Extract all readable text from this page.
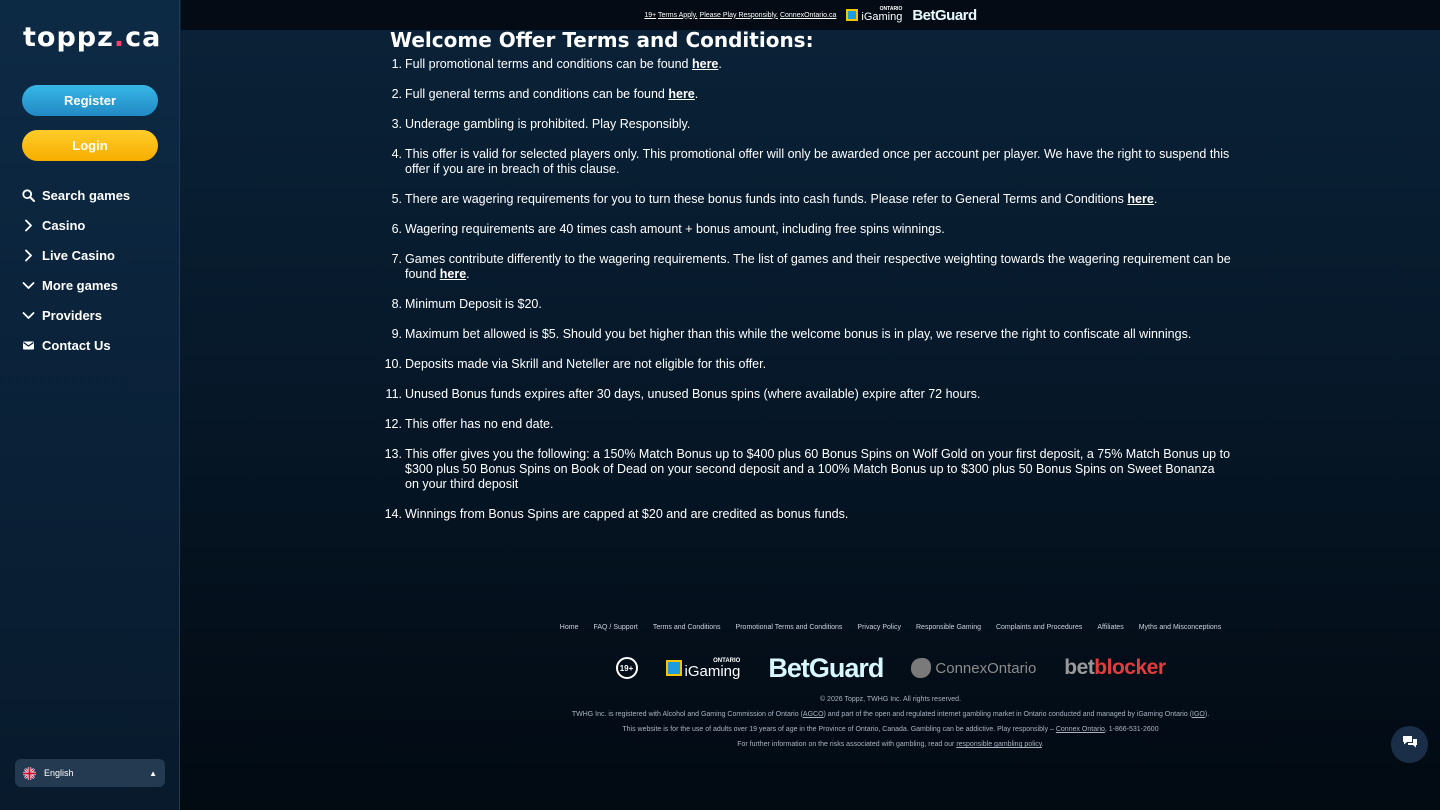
toppz.ca
Register
Login
Search games
Casino
Live Casino
More games
Providers
Contact Us
English	▲
19+ Terms Apply. Please Play Responsibly. ConnexOntario.ca
ONTARIO
iGaming BetGuard
Welcome Offer Terms and Conditions:
1. Full promotional terms and conditions can be found here.
2. Full general terms and conditions can be found here.
3. Underage gambling is prohibited. Play Responsibly.
4. This offer is valid for selected players only. This promotional offer will only be awarded once per account per player. We have the right to suspend this offer if you are in breach of this clause.
5. There are wagering requirements for you to turn these bonus funds into cash funds. Please refer to General Terms and Conditions here.
6. Wagering requirements are 40 times cash amount + bonus amount, including free spins winnings.
7. Games contribute differently to the wagering requirements. The list of games and their respective weighting towards the wagering requirement can be found here.
8. Minimum Deposit is $20.
9. Maximum bet allowed is $5. Should you bet higher than this while the welcome bonus is in play, we reserve the right to confiscate all winnings.
10. Deposits made via Skrill and Neteller are not eligible for this offer.
11. Unused Bonus funds expires after 30 days, unused Bonus spins (where available) expire after 72 hours.
12. This offer has no end date.
13. This offer gives you the following: a 150% Match Bonus up to $400 plus 60 Bonus Spins on Wolf Gold on your first deposit, a 75% Match Bonus up to $300 plus 50 Bonus Spins on Book of Dead on your second deposit and a 100% Match Bonus up to $300 plus 50 Bonus Spins on Sweet Bonanza on your third deposit
14. Winnings from Bonus Spins are capped at $20 and are credited as bonus funds.
Home FAQ / Support Terms and Conditions Promotional Terms and Conditions Privacy Policy Responsible Gaming Complaints and Procedures Affiliates Myths and Misconceptions
19+
ONTARIO
iGaming BetGuard	ConnexOntario betblocker
© 2026 Toppz, TWHG Inc. All rights reserved.
TWHG Inc. is registered with Alcohol and Gaming Commission of Ontario (AGCO) and part of the open and regulated internet gambling market in Ontario conducted and managed by iGaming Ontario (IGO).
This website is for the use of adults over 19 years of age in the Province of Ontario, Canada. Gambling can be addictive. Play responsibly – Connex Ontario, 1-866-531-2600
For further information on the risks associated with gambling, read our responsible gambling policy.
